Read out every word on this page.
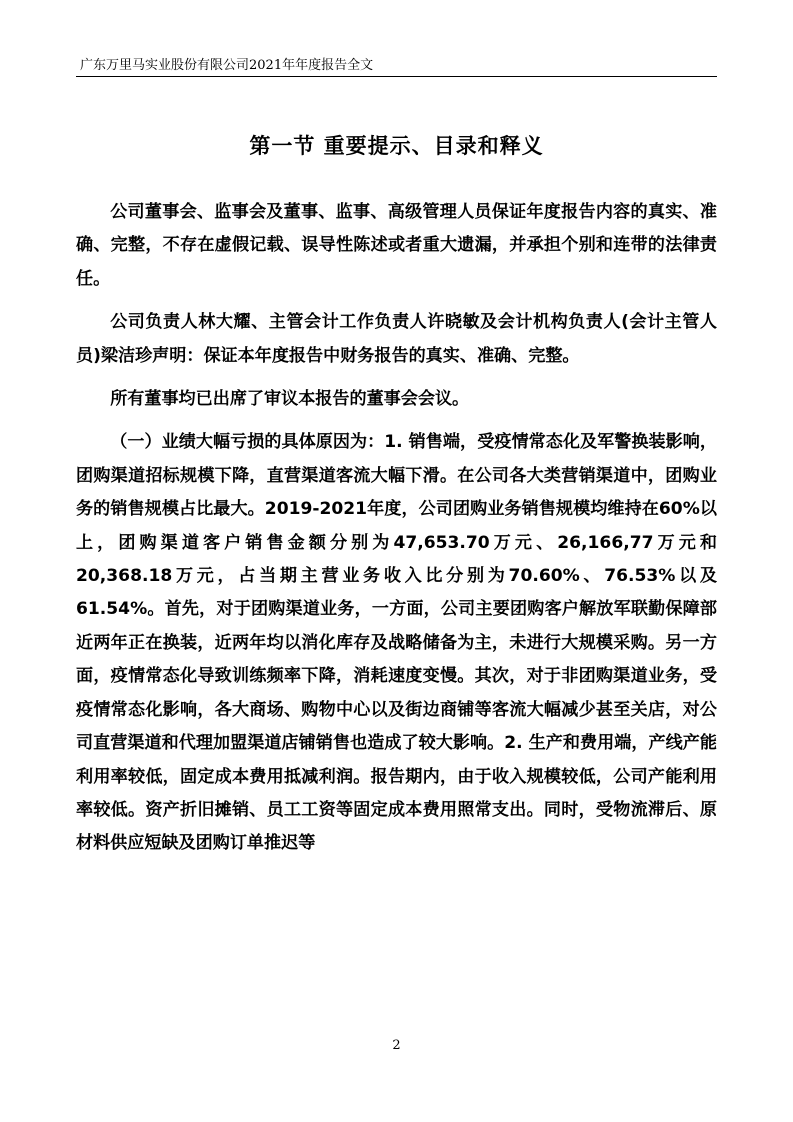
广东万里马实业股份有限公司2021年年度报告全文
第一节 重要提示、目录和释义

公司董事会、监事会及董事、监事、高级管理人员保证年度报告内容的真实、准确、完整，不存在虚假记载、误导性陈述或者重大遗漏，并承担个别和连带的法律责任。

公司负责人林大耀、主管会计工作负责人许晓敏及会计机构负责人(会计主管人员)梁洁珍声明：保证本年度报告中财务报告的真实、准确、完整。

所有董事均已出席了审议本报告的董事会会议。

（一）业绩大幅亏损的具体原因为：1. 销售端，受疫情常态化及军警换装影响，团购渠道招标规模下降，直营渠道客流大幅下滑。在公司各大类营销渠道中，团购业务的销售规模占比最大。2019-2021年度，公司团购业务销售规模均维持在60%以上，团购渠道客户销售金额分别为47,653.70万元、26,166,77万元和20,368.18万元，占当期主营业务收入比分别为70.60%、76.53%以及61.54%。首先，对于团购渠道业务，一方面，公司主要团购客户解放军联勤保障部近两年正在换装，近两年均以消化库存及战略储备为主，未进行大规模采购。另一方面，疫情常态化导致训练频率下降，消耗速度变慢。其次，对于非团购渠道业务，受疫情常态化影响，各大商场、购物中心以及街边商铺等客流大幅减少甚至关店，对公司直营渠道和代理加盟渠道店铺销售也造成了较大影响。2. 生产和费用端，产线产能利用率较低，固定成本费用抵减利润。报告期内，由于收入规模较低，公司产能利用率较低。资产折旧摊销、员工工资等固定成本费用照常支出。同时，受物流滞后、原材料供应短缺及团购订单推迟等

2
